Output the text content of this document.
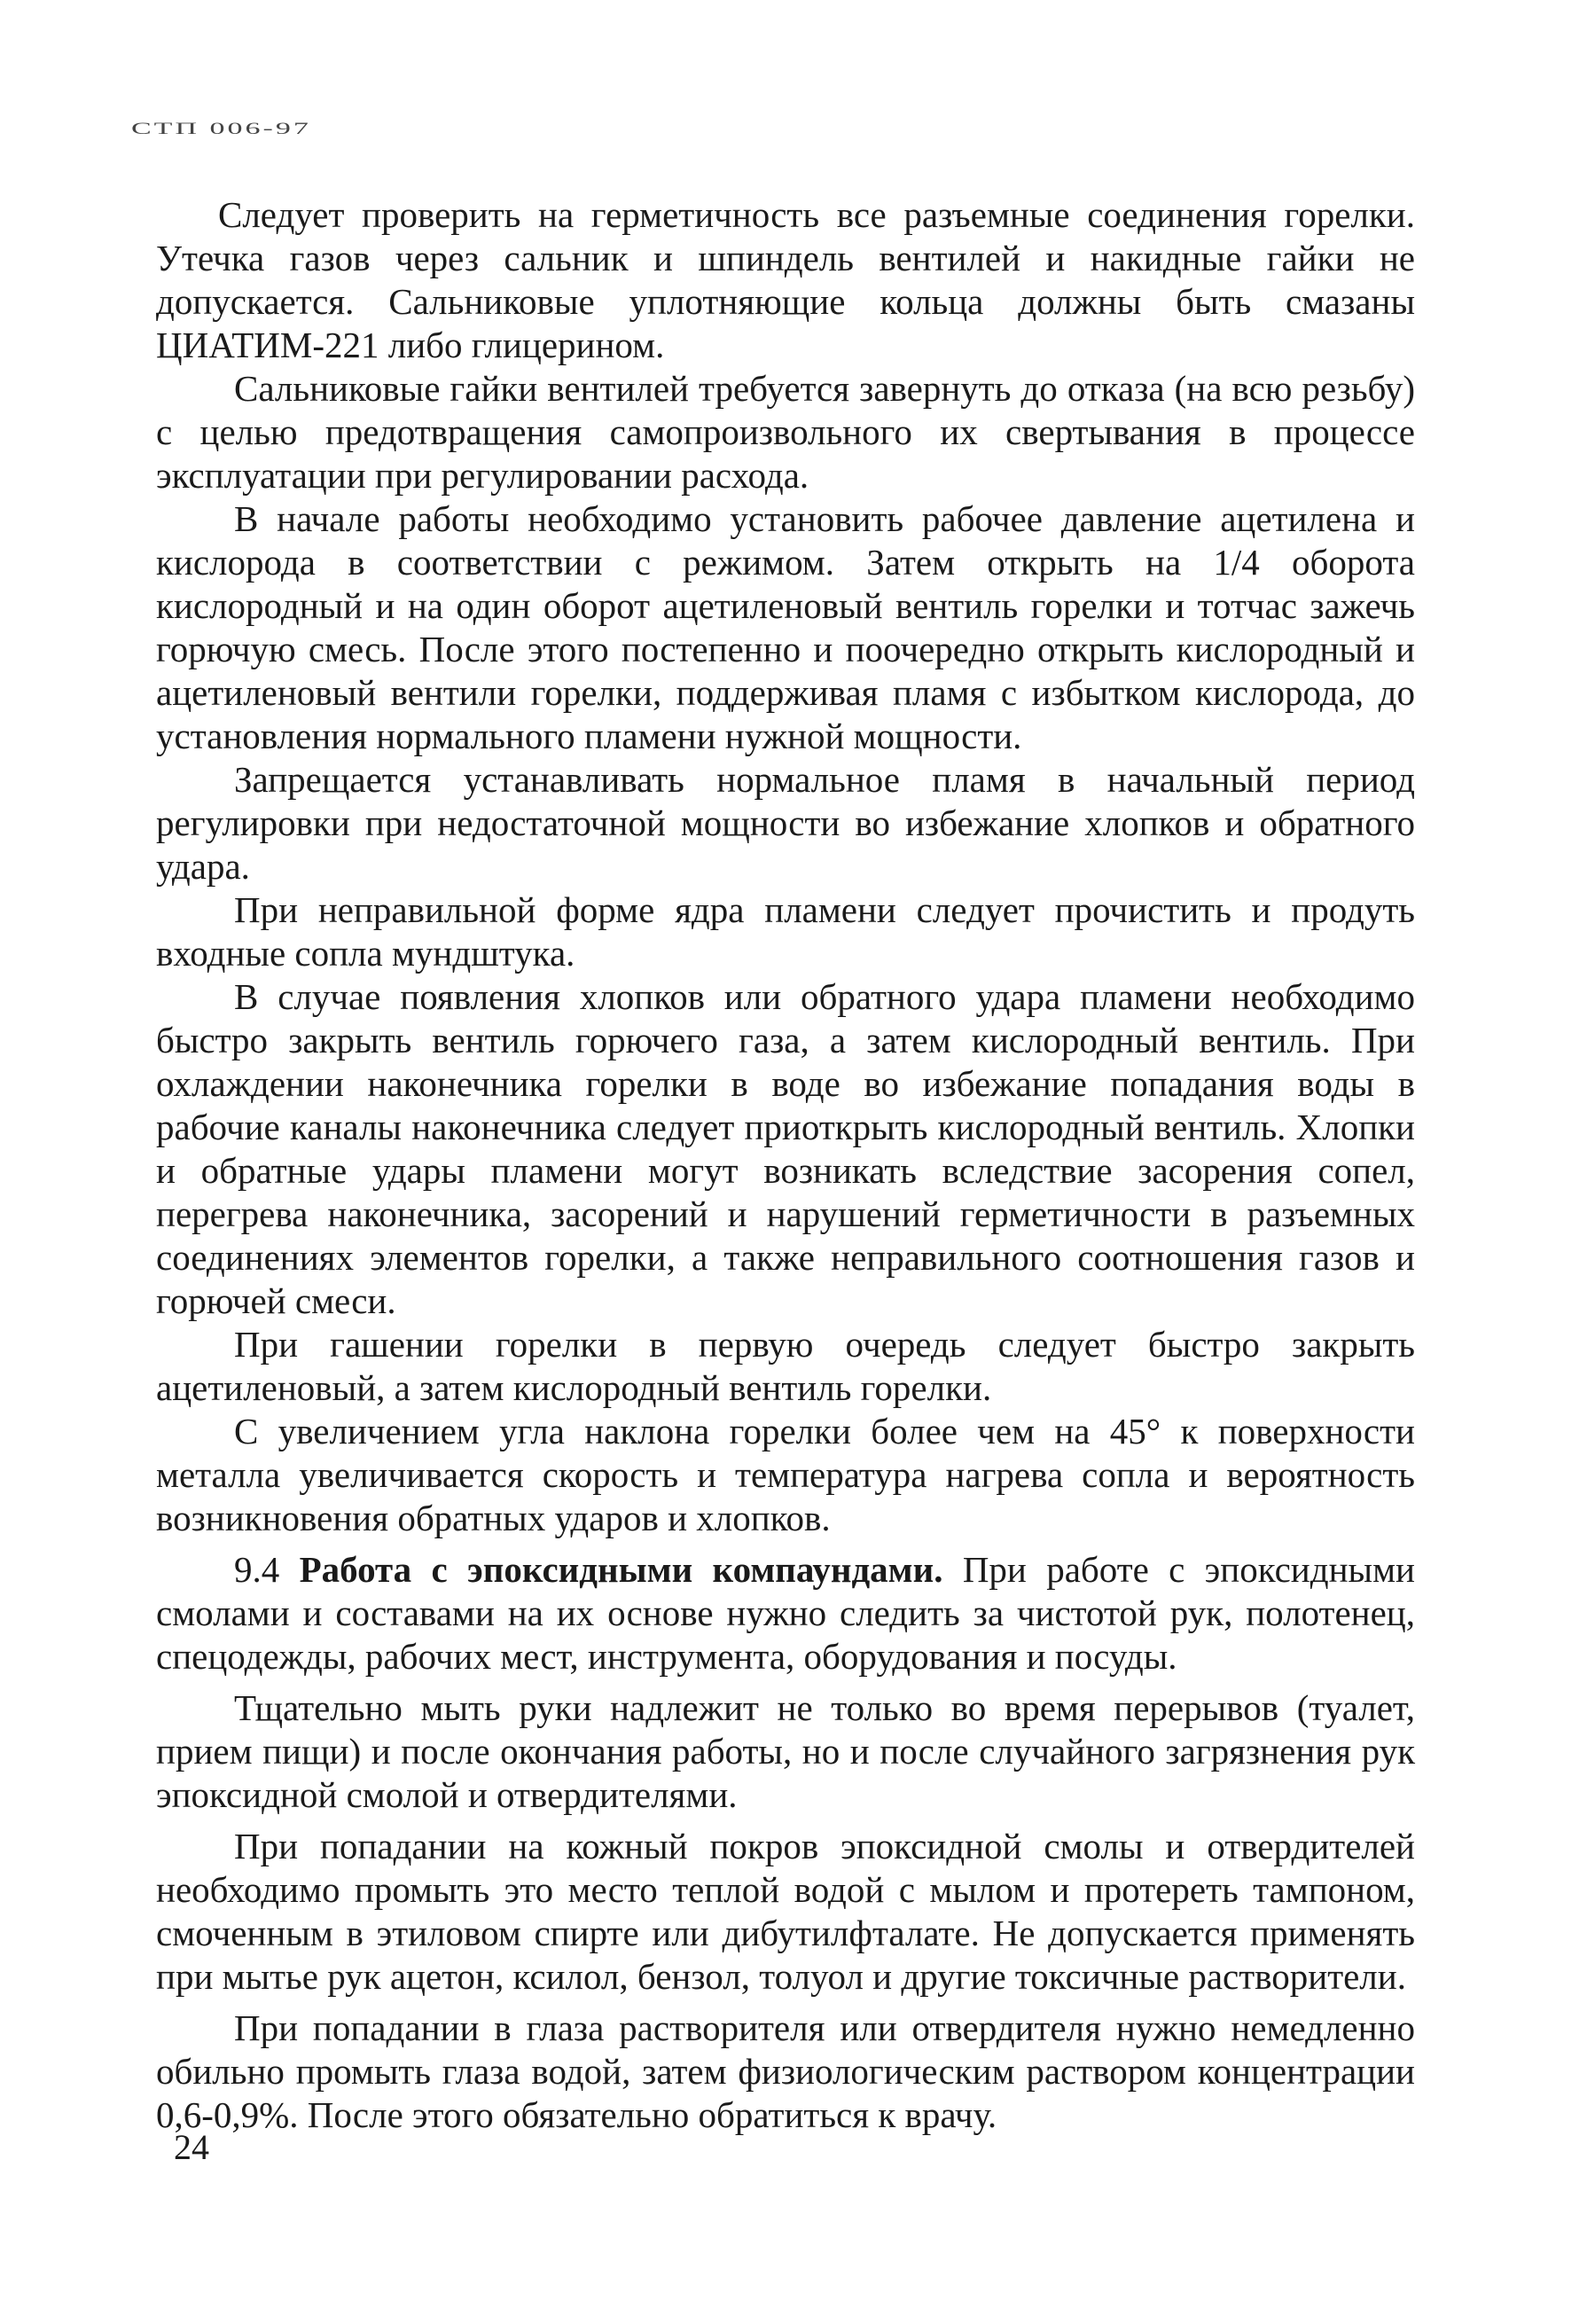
СТП 006-97

Следует проверить на герметичность все разъемные соединения горелки. Утечка газов через сальник и шпиндель вентилей и накидные гайки не допускается. Сальниковые уплотняющие кольца должны быть смазаны ЦИАТИМ-221 либо глицерином.

Сальниковые гайки вентилей требуется завернуть до отказа (на всю резьбу) с целью предотвращения самопроизвольного их свертывания в процессе эксплуатации при регулировании расхода.

В начале работы необходимо установить рабочее давление ацетилена и кислорода в соответствии с режимом. Затем открыть на 1/4 оборота кислородный и на один оборот ацетиленовый вентиль горелки и тотчас зажечь горючую смесь. После этого постепенно и поочередно открыть кислородный и ацетиленовый вентили горелки, поддерживая пламя с избытком кислорода, до установления нормального пламени нужной мощности.

Запрещается устанавливать нормальное пламя в начальный период регулировки при недостаточной мощности во избежание хлопков и обратного удара.

При неправильной форме ядра пламени следует прочистить и продуть входные сопла мундштука.

В случае появления хлопков или обратного удара пламени необходимо быстро закрыть вентиль горючего газа, а затем кислородный вентиль. При охлаждении наконечника горелки в воде во избежание попадания воды в рабочие каналы наконечника следует приоткрыть кислородный вентиль. Хлопки и обратные удары пламени могут возникать вследствие засорения сопел, перегрева наконечника, засорений и нарушений герметичности в разъемных соединениях элементов горелки, а также неправильного соотношения газов и горючей смеси.

При гашении горелки в первую очередь следует быстро закрыть ацетиленовый, а затем кислородный вентиль горелки.

С увеличением угла наклона горелки более чем на 45° к поверхности металла увеличивается скорость и температура нагрева сопла и вероятность возникновения обратных ударов и хлопков.

9.4 Работа с эпоксидными компаундами. При работе с эпоксидными смолами и составами на их основе нужно следить за чистотой рук, полотенец, спецодежды, рабочих мест, инструмента, оборудования и посуды.

Тщательно мыть руки надлежит не только во время перерывов (туалет, прием пищи) и после окончания работы, но и после случайного загрязнения рук эпоксидной смолой и отвердителями.

При попадании на кожный покров эпоксидной смолы и отвердителей необходимо промыть это место теплой водой с мылом и протереть тампоном, смоченным в этиловом спирте или дибутилфталате. Не допускается применять при мытье рук ацетон, ксилол, бензол, толуол и другие токсичные растворители.

При попадании в глаза растворителя или отвердителя нужно немедленно обильно промыть глаза водой, затем физиологическим раствором концентрации 0,6-0,9%. После этого обязательно обратиться к врачу.

24
